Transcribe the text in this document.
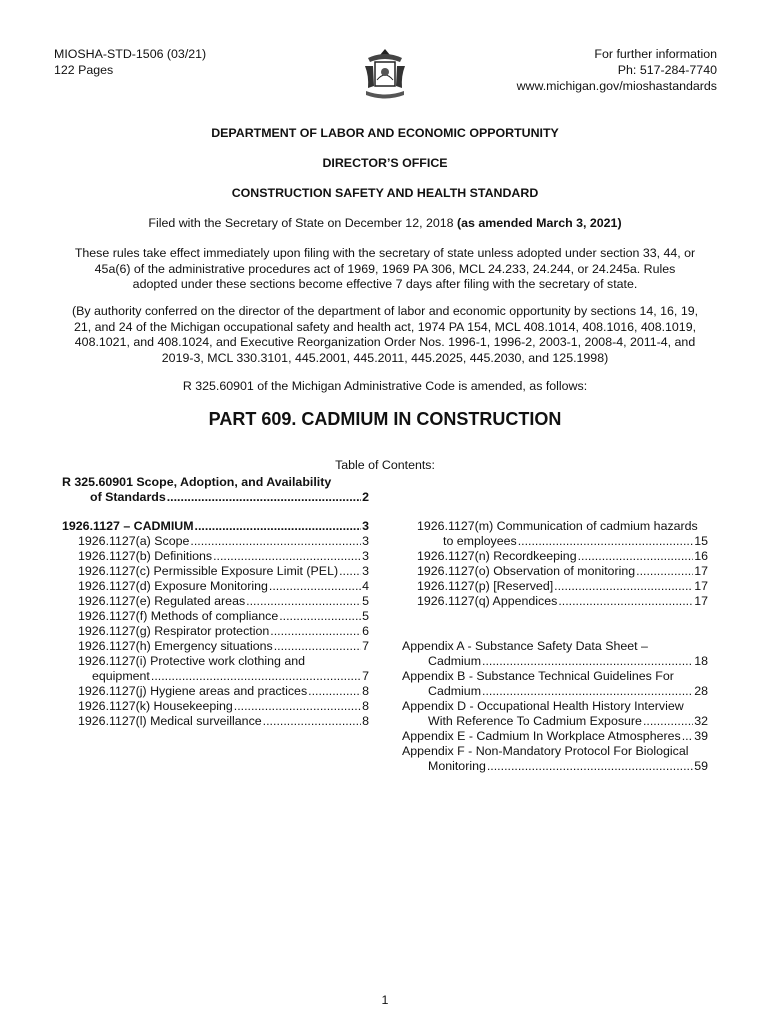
MIOSHA-STD-1506 (03/21)
122 Pages
For further information
Ph: 517-284-7740
www.michigan.gov/mioshastandards
DEPARTMENT OF LABOR AND ECONOMIC OPPORTUNITY
DIRECTOR’S OFFICE
CONSTRUCTION SAFETY AND HEALTH STANDARD
Filed with the Secretary of State on December 12, 2018 (as amended March 3, 2021)
These rules take effect immediately upon filing with the secretary of state unless adopted under section 33, 44, or
45a(6) of the administrative procedures act of 1969, 1969 PA 306, MCL 24.233, 24.244, or 24.245a. Rules
adopted under these sections become effective 7 days after filing with the secretary of state.
(By authority conferred on the director of the department of labor and economic opportunity by sections 14, 16, 19,
21, and 24 of the Michigan occupational safety and health act, 1974 PA 154, MCL 408.1014, 408.1016, 408.1019,
408.1021, and 408.1024, and Executive Reorganization Order Nos. 1996-1, 1996-2, 2003-1, 2008-4, 2011-4, and
2019-3, MCL 330.3101, 445.2001, 445.2011, 445.2025, 445.2030, and 125.1998)
R 325.60901 of the Michigan Administrative Code is amended, as follows:
PART 609. CADMIUM IN CONSTRUCTION
Table of Contents:
R 325.60901 Scope, Adoption, and Availability
of Standards .....	2
1926.1127 – CADMIUM .....	3
1926.1127(a) Scope .....	3
1926.1127(b) Definitions .....	3
1926.1127(c) Permissible Exposure Limit (PEL) ..... 3
1926.1127(d) Exposure Monitoring .....	4
1926.1127(e) Regulated areas .....	5
1926.1127(f) Methods of compliance .....	5
1926.1127(g) Respirator protection .....	6
1926.1127(h) Emergency situations .....	7
1926.1127(i) Protective work clothing and
equipment .....	7
1926.1127(j) Hygiene areas and practices .....	8
1926.1127(k) Housekeeping .....	8
1926.1127(l) Medical surveillance .....	8
1926.1127(m) Communication of cadmium hazards
to employees .....	15
1926.1127(n) Recordkeeping .....	16
1926.1127(o) Observation of monitoring .....	17
1926.1127(p) [Reserved] .....	17
1926.1127(q) Appendices .....	17
Appendix A - Substance Safety Data Sheet –
Cadmium .....	18
Appendix B - Substance Technical Guidelines For
Cadmium .....	28
Appendix D - Occupational Health History Interview
With Reference To Cadmium Exposure .....	32
Appendix E - Cadmium In Workplace Atmospheres ..... 39
Appendix F - Non-Mandatory Protocol For Biological
Monitoring .....	59
1
